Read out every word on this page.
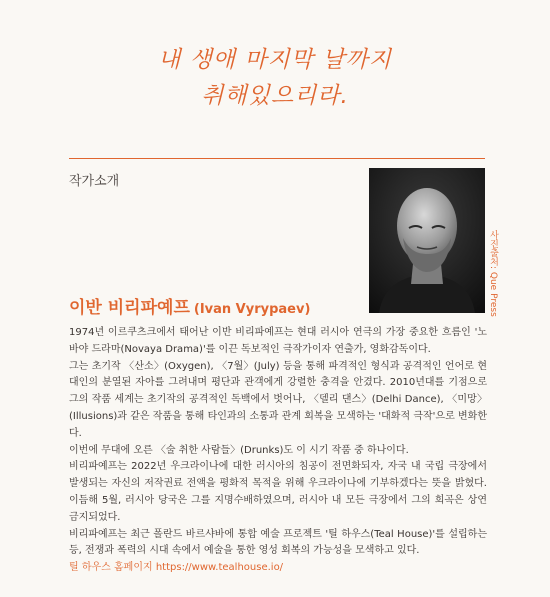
내 생애 마지막 날까지
취해있으리라.
작가소개
사진출처: Que Press
이반 비리파예프 (Ivan Vyrypaev)

1974년 이르쿠츠크에서 태어난 이반 비리파예프는 현대 러시아 연극의 가장 중요한 흐름인 '노바야 드라마(Novaya Drama)'를 이끈 독보적인 극작가이자 연출가, 영화감독이다.

그는 초기작 〈산소〉(Oxygen), 〈7월〉(July) 등을 통해 파격적인 형식과 공격적인 언어로 현대인의 분열된 자아를 그려내며 평단과 관객에게 강렬한 충격을 안겼다. 2010년대를 기점으로 그의 작품 세계는 초기작의 공격적인 독백에서 벗어나, 〈델리 댄스〉(Delhi Dance), 〈미망〉(Illusions)과 같은 작품을 통해 타인과의 소통과 관계 회복을 모색하는 '대화적 극작'으로 변화한다.

이번에 무대에 오른 〈술 취한 사람들〉(Drunks)도 이 시기 작품 중 하나이다.

비리파예프는 2022년 우크라이나에 대한 러시아의 침공이 전면화되자, 자국 내 국립 극장에서 발생되는 자신의 저작권료 전액을 평화적 목적을 위해 우크라이나에 기부하겠다는 뜻을 밝혔다. 이듬해 5월, 러시아 당국은 그를 지명수배하였으며, 러시아 내 모든 극장에서 그의 희곡은 상연 금지되었다.

비리파예프는 최근 폴란드 바르샤바에 통합 예술 프로젝트 '틸 하우스(Teal House)'를 설립하는 등, 전쟁과 폭력의 시대 속에서 예술을 통한 영성 회복의 가능성을 모색하고 있다.

틸 하우스 홈페이지 https://www.tealhouse.io/
